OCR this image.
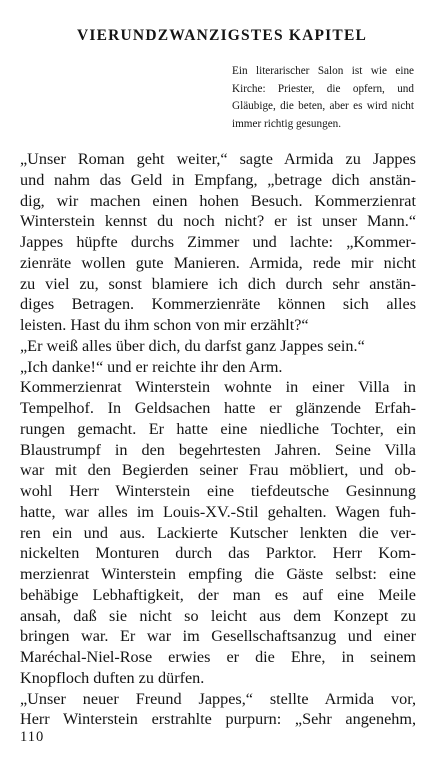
VIERUNDZWANZIGSTES KAPITEL
Ein literarischer Salon ist wie eine Kirche: Priester, die opfern, und Gläubige, die beten, aber es wird nicht immer richtig gesungen.
„Unser Roman geht weiter,“ sagte Armida zu Jappes
und nahm das Geld in Empfang, „betrage dich anstän-
dig, wir machen einen hohen Besuch. Kommerzienrat
Winterstein kennst du noch nicht? er ist unser Mann.“
Jappes hüpfte durchs Zimmer und lachte: „Kommer-
zienräte wollen gute Manieren. Armida, rede mir nicht
zu viel zu, sonst blamiere ich dich durch sehr anstän-
diges Betragen. Kommerzienräte können sich alles
leisten. Hast du ihm schon von mir erzählt?“
„Er weiß alles über dich, du darfst ganz Jappes sein.“
„Ich danke!“ und er reichte ihr den Arm.
Kommerzienrat Winterstein wohnte in einer Villa in
Tempelhof. In Geldsachen hatte er glänzende Erfah-
rungen gemacht. Er hatte eine niedliche Tochter, ein
Blaustrumpf in den begehrtesten Jahren. Seine Villa
war mit den Begierden seiner Frau möbliert, und ob-
wohl Herr Winterstein eine tiefdeutsche Gesinnung
hatte, war alles im Louis-XV.-Stil gehalten. Wagen fuh-
ren ein und aus. Lackierte Kutscher lenkten die ver-
nickelten Monturen durch das Parktor. Herr Kom-
merzienrat Winterstein empfing die Gäste selbst: eine
behäbige Lebhaftigkeit, der man es auf eine Meile
ansah, daß sie nicht so leicht aus dem Konzept zu
bringen war. Er war im Gesellschaftsanzug und einer
Maréchal-Niel-Rose erwies er die Ehre, in seinem
Knopfloch duften zu dürfen.
„Unser neuer Freund Jappes,“ stellte Armida vor,
Herr Winterstein erstrahlte purpurn: „Sehr angenehm,
110
